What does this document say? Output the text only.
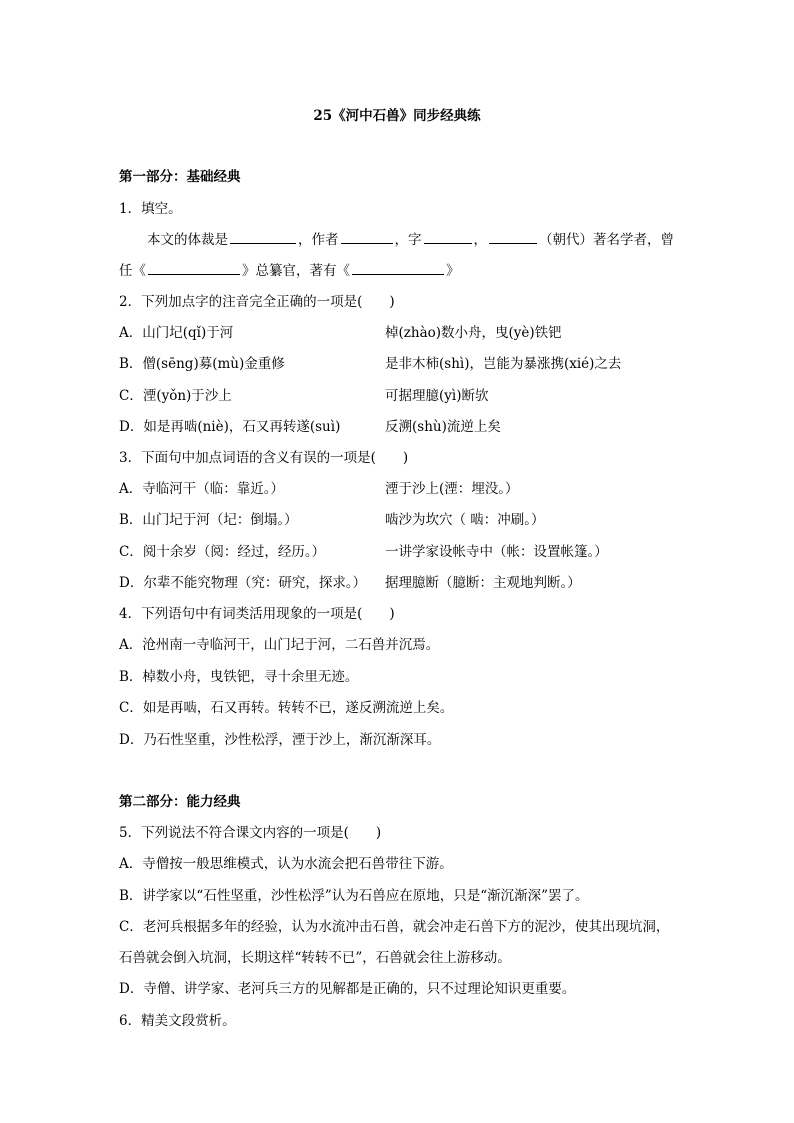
25《河中石兽》同步经典练
第一部分：基础经典
1．填空。
本文的体裁是	，作者	，字	，	（朝代）著名学者，曾
任《	》总纂官，著有《	》
2．下列加点字的注音完全正确的一项是(　　)
A．山门圮(qǐ)于河	棹(zhào)数小舟，曳(yè)铁钯
B．僧(sēng)募(mù)金重修	是非木柿(shì)，岂能为暴涨携(xié)之去
C．湮(yǒn)于沙上	可据理臆(yì)断欤
D．如是再啮(niè)，石又再转遂(suì)	反溯(shù)流逆上矣
3．下面句中加点词语的含义有误的一项是(　　)
A．寺临河干（临：靠近。）	湮于沙上(湮：埋没。）
B．山门圮于河（圮：倒塌。）	啮沙为坎穴（ 啮：冲刷。）
C．阅十余岁（阅：经过，经历。）	一讲学家设帐寺中（帐：设置帐篷。）
D．尔辈不能究物理（究：研究，探求。） 据理臆断（臆断：主观地判断。）
4．下列语句中有词类活用现象的一项是(　　)
A．沧州南一寺临河干，山门圮于河，二石兽并沉焉。
B．棹数小舟，曳铁钯，寻十余里无迹。
C．如是再啮，石又再转。转转不已，遂反溯流逆上矣。
D．乃石性坚重，沙性松浮，湮于沙上，渐沉渐深耳。
第二部分：能力经典
5．下列说法不符合课文内容的一项是(　　)
A．寺僧按一般思维模式，认为水流会把石兽带往下游。
B．讲学家以“石性坚重，沙性松浮”认为石兽应在原地，只是“渐沉渐深”罢了。
C．老河兵根据多年的经验，认为水流冲击石兽，就会冲走石兽下方的泥沙，使其出现坑洞，
石兽就会倒入坑洞，长期这样“转转不已”，石兽就会往上游移动。
D．寺僧、讲学家、老河兵三方的见解都是正确的，只不过理论知识更重要。
6．精美文段赏析。
